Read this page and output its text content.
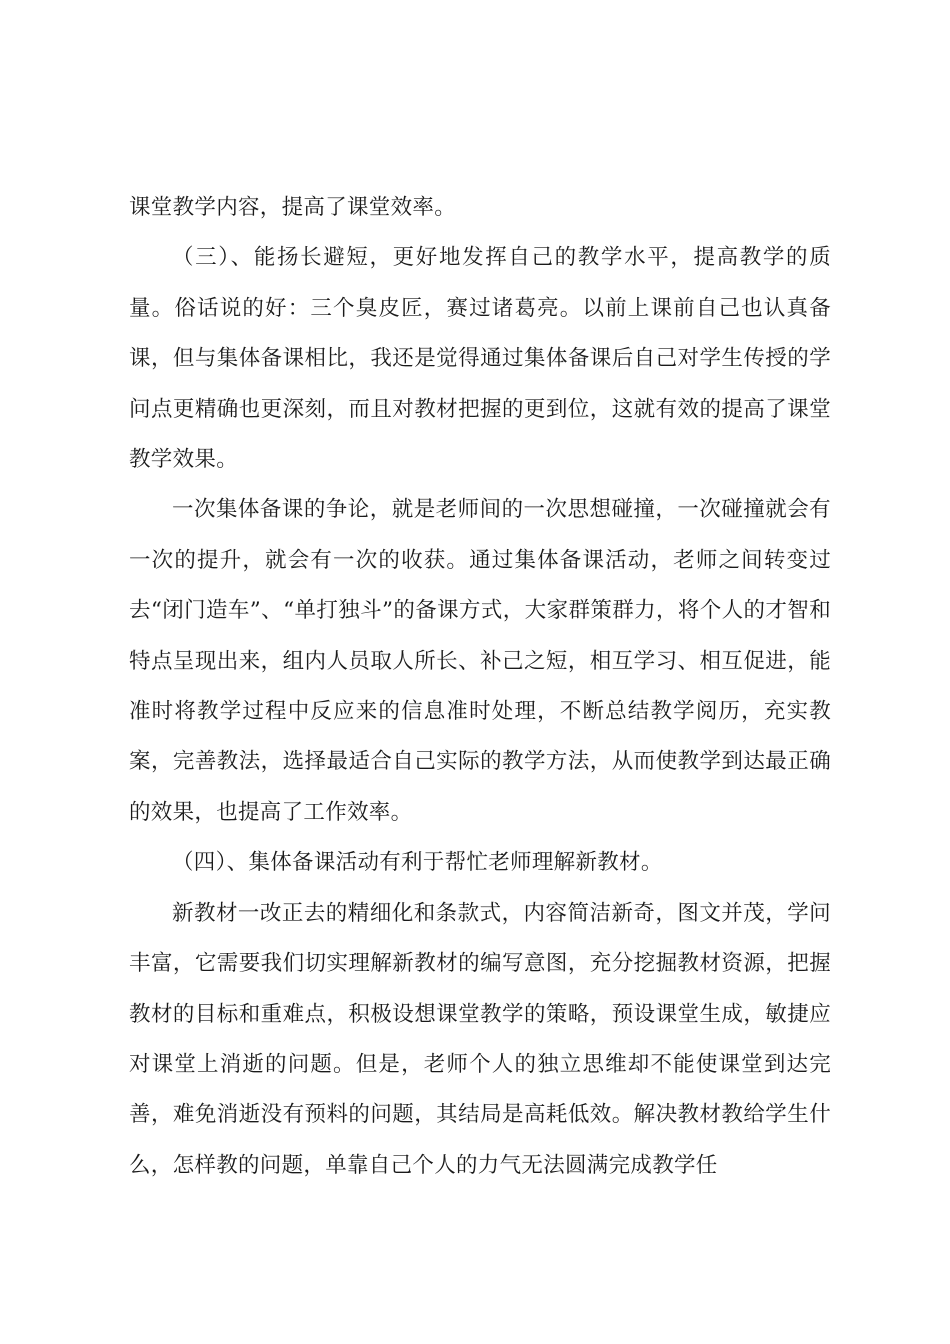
课堂教学内容，提高了课堂效率。

（三）、能扬长避短，更好地发挥自己的教学水平，提高教学的质量。俗话说的好：三个臭皮匠，赛过诸葛亮。以前上课前自己也认真备课，但与集体备课相比，我还是觉得通过集体备课后自己对学生传授的学问点更精确也更深刻，而且对教材把握的更到位，这就有效的提高了课堂教学效果。

一次集体备课的争论，就是老师间的一次思想碰撞，一次碰撞就会有一次的提升，就会有一次的收获。通过集体备课活动，老师之间转变过去“闭门造车”、“单打独斗”的备课方式，大家群策群力，将个人的才智和特点呈现出来，组内人员取人所长、补己之短，相互学习、相互促进，能准时将教学过程中反应来的信息准时处理，不断总结教学阅历，充实教案，完善教法，选择最适合自己实际的教学方法，从而使教学到达最正确的效果，也提高了工作效率。

（四）、集体备课活动有利于帮忙老师理解新教材。

新教材一改正去的精细化和条款式，内容简洁新奇，图文并茂，学问丰富，它需要我们切实理解新教材的编写意图，充分挖掘教材资源，把握教材的目标和重难点，积极设想课堂教学的策略，预设课堂生成，敏捷应对课堂上消逝的问题。但是，老师个人的独立思维却不能使课堂到达完善，难免消逝没有预料的问题，其结局是高耗低效。解决教材教给学生什么，怎样教的问题，单靠自己个人的力气无法圆满完成教学任
